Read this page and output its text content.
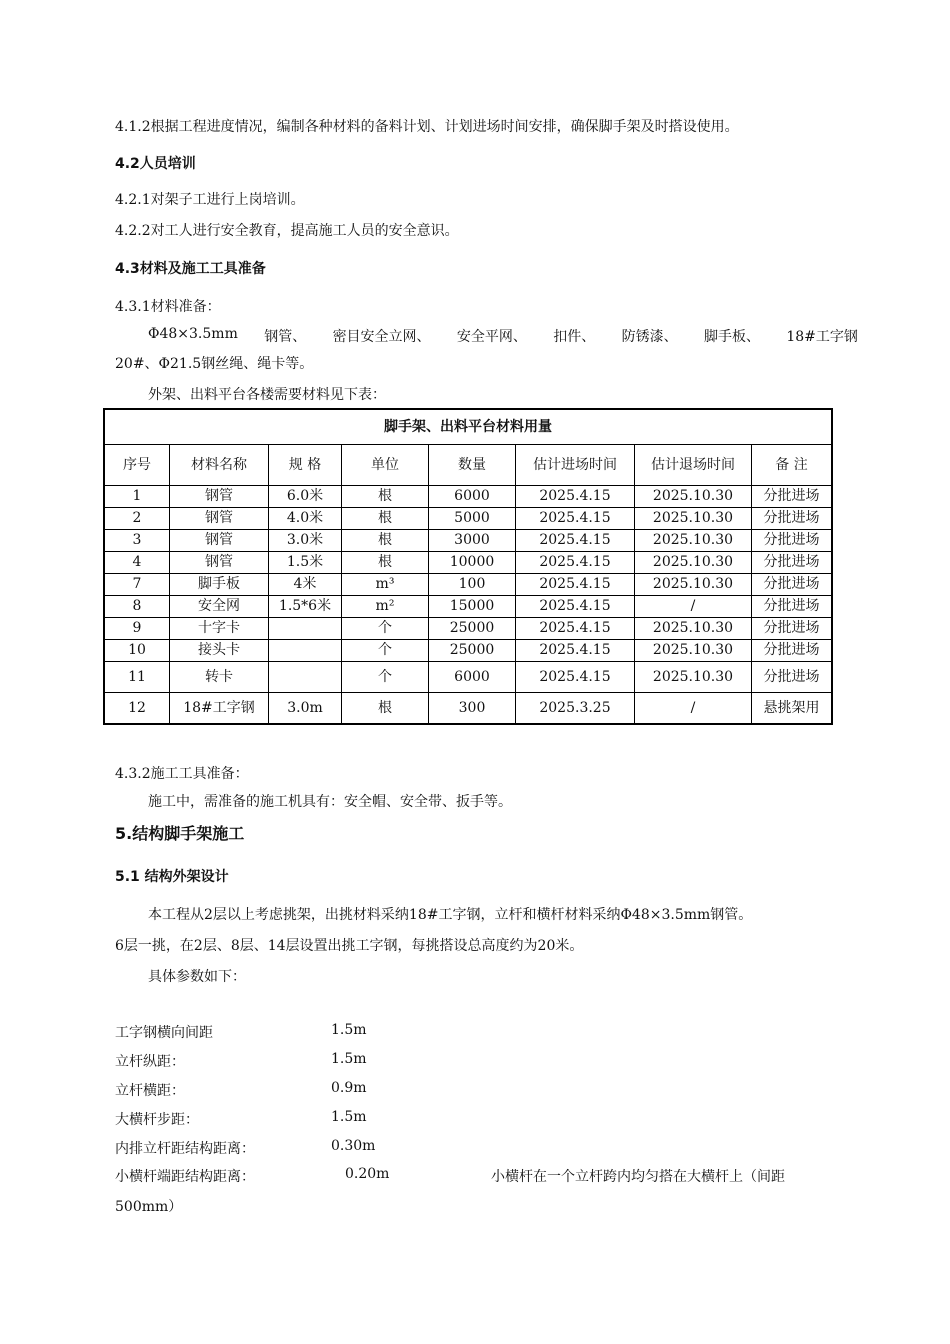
4.1.2根据工程进度情况，编制各种材料的备料计划、计划进场时间安排，确保脚手架及时搭设使用。
4.2人员培训
4.2.1对架子工进行上岗培训。
4.2.2对工人进行安全教育，提高施工人员的安全意识。
4.3材料及施工工具准备
4.3.1材料准备：
Φ48×3.5mm 钢管、 密目安全立网、 安全平网、 扣件、 防锈漆、 脚手板、 18#工字钢
20#、Φ21.5钢丝绳、绳卡等。
外架、出料平台各楼需要材料见下表：
脚手架、出料平台材料用量							
序号	材料名称	规 格	单位	数量	估计进场时间	估计退场时间	备 注
1	钢管	6.0米	根	6000	2025.4.15	2025.10.30	分批进场
2	钢管	4.0米	根	5000	2025.4.15	2025.10.30	分批进场
3	钢管	3.0米	根	3000	2025.4.15	2025.10.30	分批进场
4	钢管	1.5米	根	10000	2025.4.15	2025.10.30	分批进场
7	脚手板	4米	m³	100	2025.4.15	2025.10.30	分批进场
8	安全网	1.5*6米	m²	15000	2025.4.15	/	分批进场
9	十字卡		个	25000	2025.4.15	2025.10.30	分批进场
10	接头卡		个	25000	2025.4.15	2025.10.30	分批进场
11	转卡		个	6000	2025.4.15	2025.10.30	分批进场
12	18#工字钢	3.0m	根	300	2025.3.25	/	悬挑架用
4.3.2施工工具准备：
施工中，需准备的施工机具有：安全帽、安全带、扳手等。
5.结构脚手架施工
5.1 结构外架设计
本工程从2层以上考虑挑架，出挑材料采纳18#工字钢，立杆和横杆材料采纳Φ48×3.5mm钢管。
6层一挑，在2层、8层、14层设置出挑工字钢，每挑搭设总高度约为20米。
具体参数如下：
工字钢横向间距	1.5m
立杆纵距：	1.5m
立杆横距：	0.9m
大横杆步距：	1.5m
内排立杆距结构距离：	0.30m
小横杆端距结构距离：	0.20m	小横杆在一个立杆跨内均匀搭在大横杆上（间距
500mm）
